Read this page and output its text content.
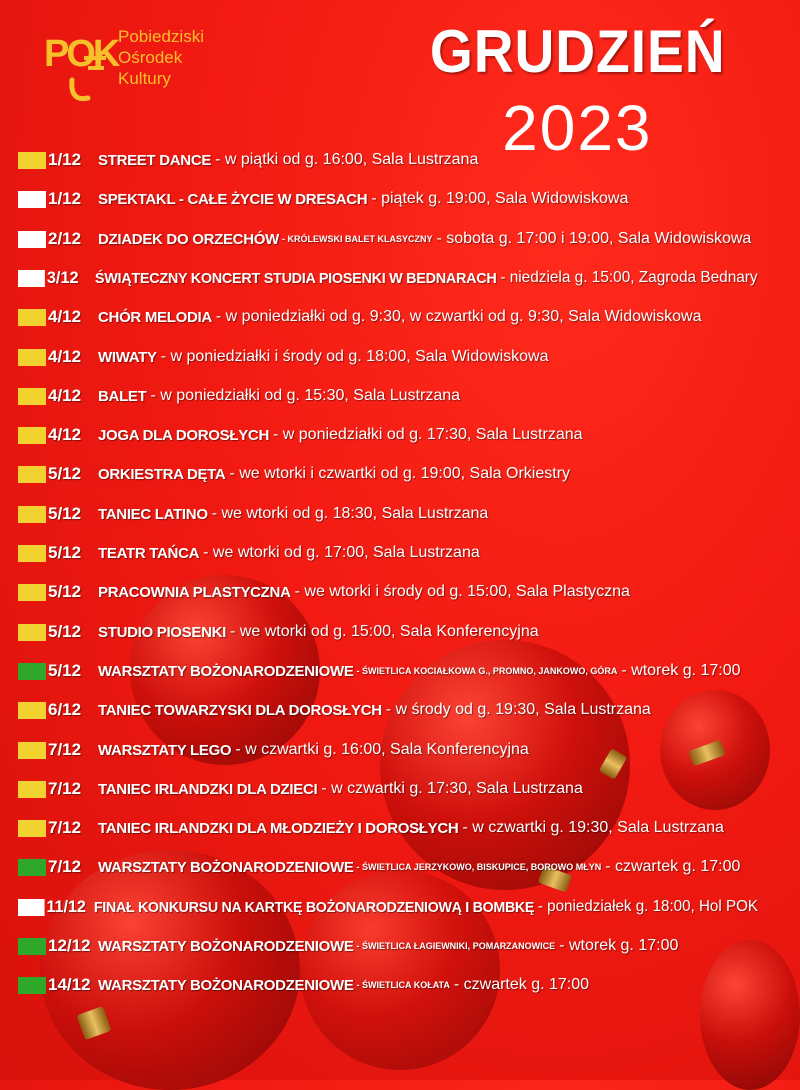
POK Pobiedziski
Ośrodek
Kultury	GRUDZIEŃ
2023
1/12	STREET DANCE - w piątki od g. 16:00, Sala Lustrzana
1/12	SPEKTAKL - CAŁE ŻYCIE W DRESACH - piątek g. 19:00, Sala Widowiskowa
2/12	DZIADEK DO ORZECHÓW - KRÓLEWSKI BALET KLASYCZNY - sobota g. 17:00 i 19:00, Sala Widowiskowa
3/12	ŚWIĄTECZNY KONCERT STUDIA PIOSENKI W BEDNARACH - niedziela g. 15:00, Zagroda Bednary
4/12	CHÓR MELODIA - w poniedziałki od g. 9:30, w czwartki od g. 9:30, Sala Widowiskowa
4/12	WIWATY - w poniedziałki i środy od g. 18:00, Sala Widowiskowa
4/12	BALET - w poniedziałki od g. 15:30, Sala Lustrzana
4/12	JOGA DLA DOROSŁYCH - w poniedziałki od g. 17:30, Sala Lustrzana
5/12	ORKIESTRA DĘTA - we wtorki i czwartki od g. 19:00, Sala Orkiestry
5/12	TANIEC LATINO - we wtorki od g. 18:30, Sala Lustrzana
5/12	TEATR TAŃCA - we wtorki od g. 17:00, Sala Lustrzana
5/12	PRACOWNIA PLASTYCZNA - we wtorki i środy od g. 15:00, Sala Plastyczna
5/12	STUDIO PIOSENKI - we wtorki od g. 15:00, Sala Konferencyjna
5/12	WARSZTATY BOŻONARODZENIOWE - ŚWIETLICA KOCIAŁKOWA G., PROMNO, JANKOWO, GÓRA - wtorek g. 17:00
6/12	TANIEC TOWARZYSKI DLA DOROSŁYCH - w środy od g. 19:30, Sala Lustrzana
7/12	WARSZTATY LEGO - w czwartki g. 16:00, Sala Konferencyjna
7/12	TANIEC IRLANDZKI DLA DZIECI - w czwartki g. 17:30, Sala Lustrzana
7/12	TANIEC IRLANDZKI DLA MŁODZIEŻY I DOROSŁYCH - w czwartki g. 19:30, Sala Lustrzana
7/12	WARSZTATY BOŻONARODZENIOWE - ŚWIETLICA JERZYKOWO, BISKUPICE, BOROWO MŁYN - czwartek g. 17:00
11/12 FINAŁ KONKURSU NA KARTKĘ BOŻONARODZENIOWĄ I BOMBKĘ - poniedziałek g. 18:00, Hol POK
12/12 WARSZTATY BOŻONARODZENIOWE - ŚWIETLICA ŁAGIEWNIKI, POMARZANOWICE - wtorek g. 17:00
14/12 WARSZTATY BOŻONARODZENIOWE - ŚWIETLICA KOŁATA - czwartek g. 17:00
